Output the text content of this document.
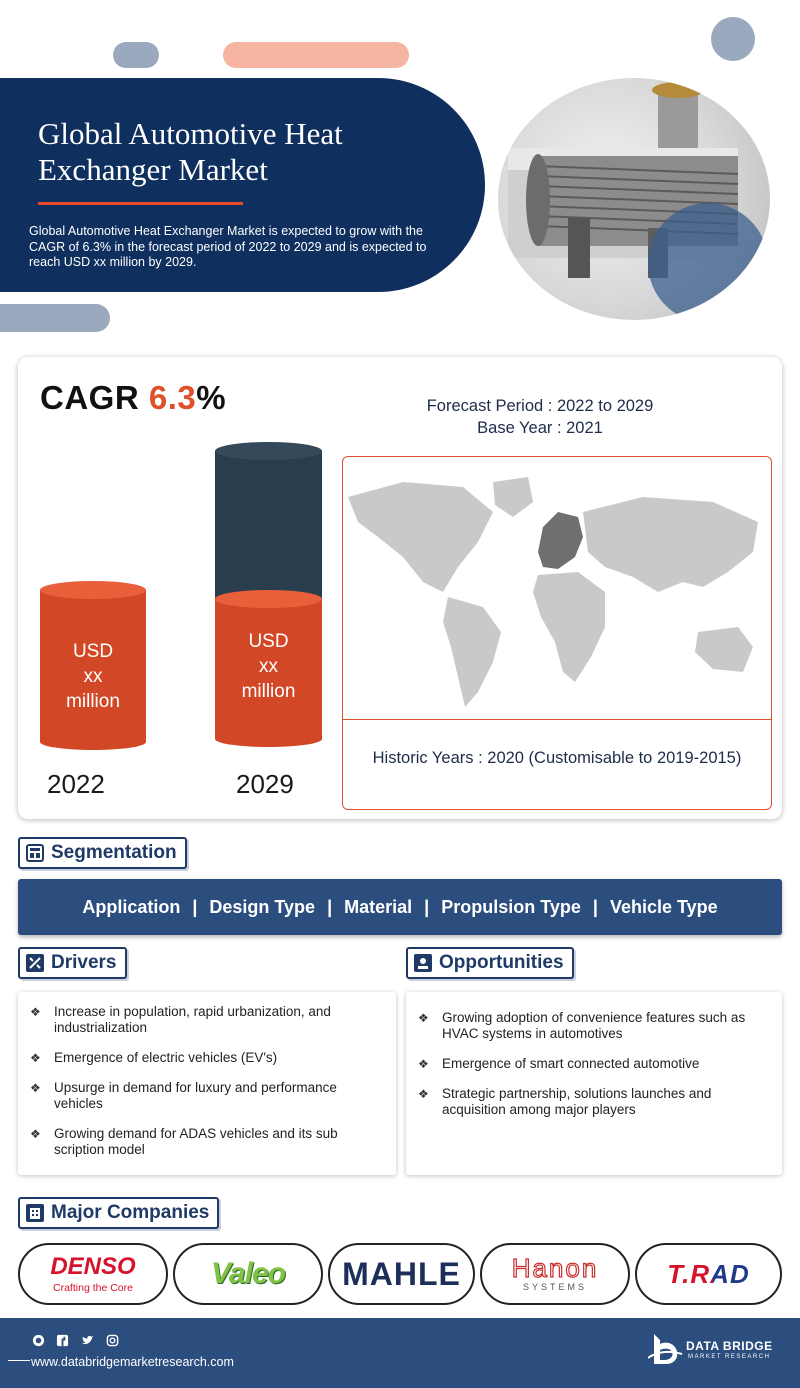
Global Automotive Heat Exchanger Market
Global Automotive Heat Exchanger Market is expected to grow with the CAGR of 6.3% in the forecast period of 2022 to 2029 and is expected to reach USD xx million by 2029.
CAGR 6.3%
USD
xx
million
USD
xx
million
2022	2029
Forecast Period : 2022 to 2029
Base Year : 2021
Historic Years : 2020 (Customisable to 2019-2015)
Segmentation
Application | Design Type | Material | Propulsion Type | Vehicle Type
Drivers
❖ Increase in population, rapid urbanization, and industrialization
❖ Emergence of electric vehicles (EV's)
❖ Upsurge in demand for luxury and performance vehicles
❖ Growing demand for ADAS vehicles and its sub scription model
Opportunities
❖ Growing adoption of convenience features such as HVAC systems in automotives
❖ Emergence of smart connected automotive
❖ Strategic partnership, solutions launches and acquisition among major players
Major Companies
DENSO
Crafting the Core	Valeo MAHLE Hanon
SYSTEMS	T.RAD
www.databridgemarketresearch.com
DATA BRIDGE
MARKET RESEARCH
